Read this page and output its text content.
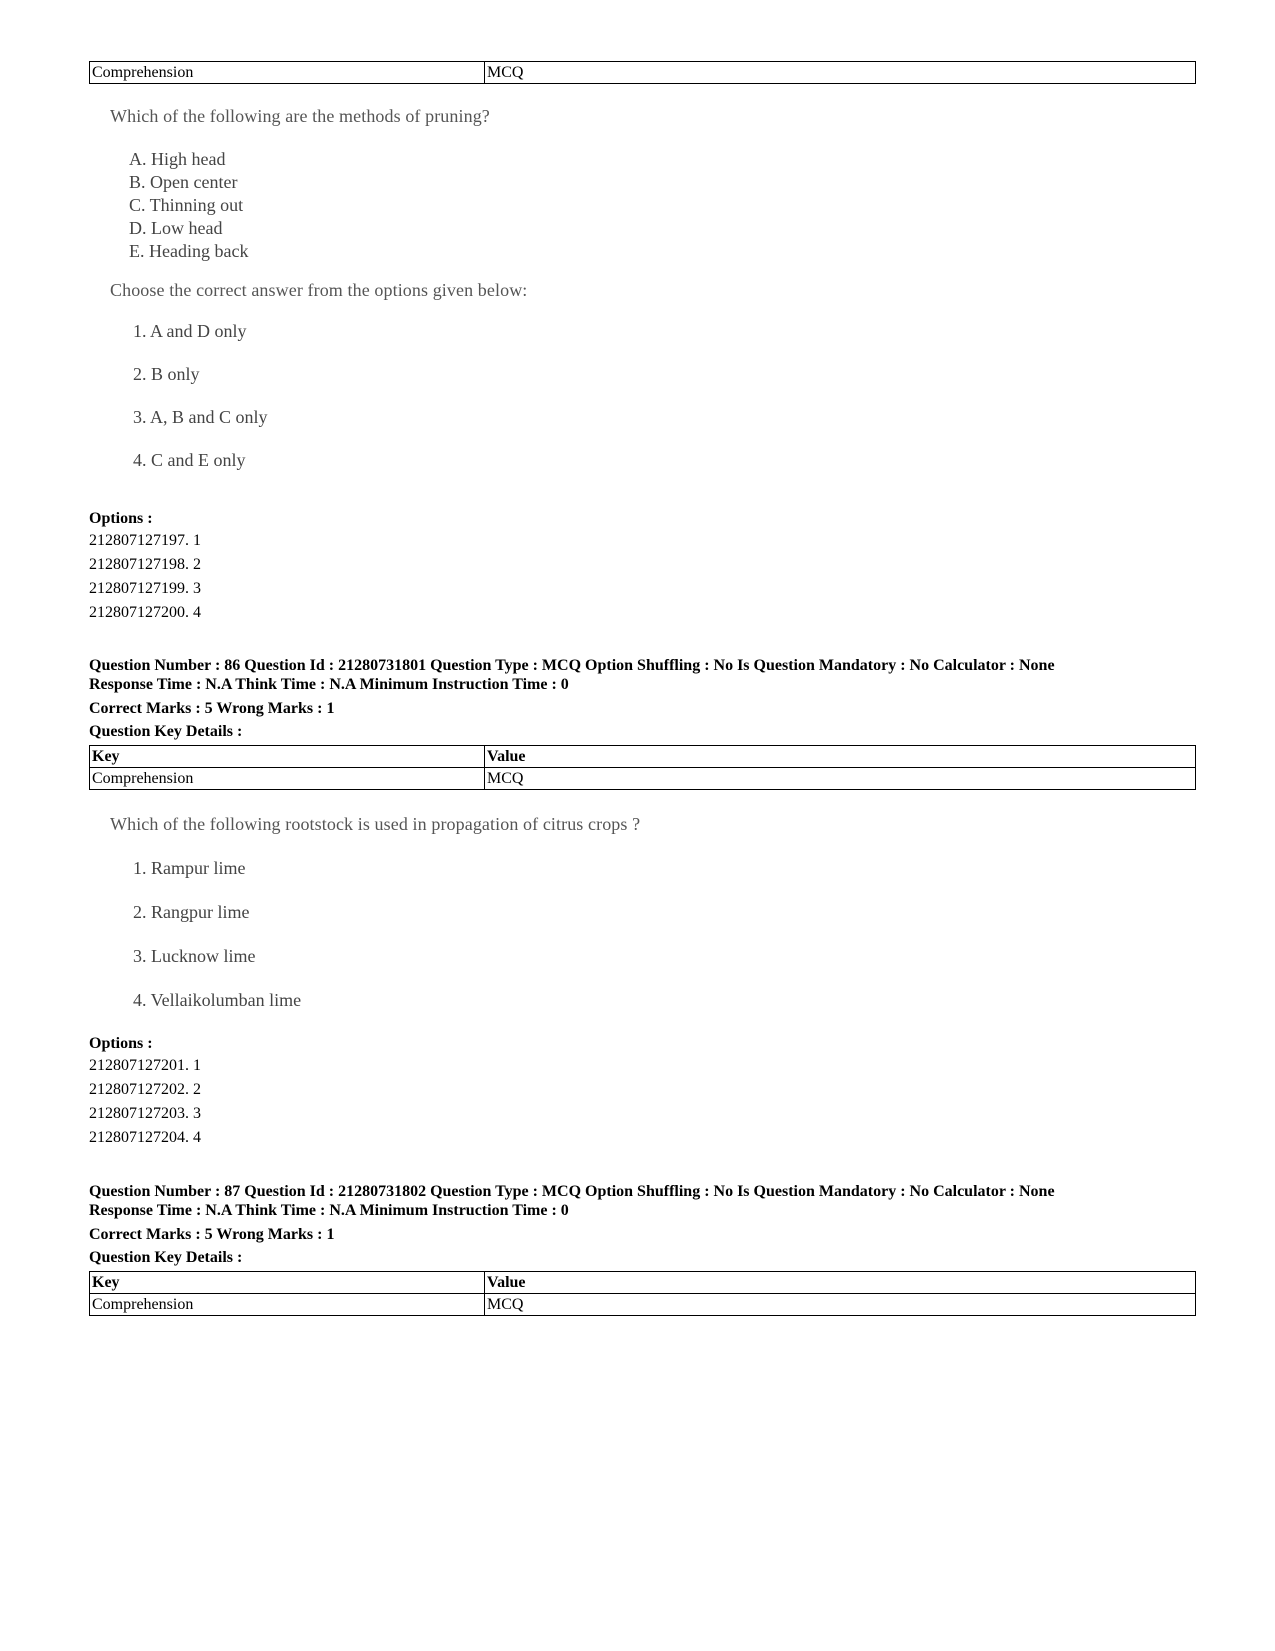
Comprehension	MCQ
Which of the following are the methods of pruning?
A. High head
B. Open center
C. Thinning out
D. Low head
E. Heading back
Choose the correct answer from the options given below:
1. A and D only
2. B only
3. A, B and C only
4. C and E only
Options :
212807127197. 1
212807127198. 2
212807127199. 3
212807127200. 4
Question Number : 86 Question Id : 21280731801 Question Type : MCQ Option Shuffling : No Is Question Mandatory : No Calculator : None
Response Time : N.A Think Time : N.A Minimum Instruction Time : 0
Correct Marks : 5 Wrong Marks : 1
Question Key Details :
Key	Value
Comprehension	MCQ
Which of the following rootstock is used in propagation of citrus crops ?
1. Rampur lime
2. Rangpur lime
3. Lucknow lime
4. Vellaikolumban lime
Options :
212807127201. 1
212807127202. 2
212807127203. 3
212807127204. 4
Question Number : 87 Question Id : 21280731802 Question Type : MCQ Option Shuffling : No Is Question Mandatory : No Calculator : None
Response Time : N.A Think Time : N.A Minimum Instruction Time : 0
Correct Marks : 5 Wrong Marks : 1
Question Key Details :
Key	Value
Comprehension	MCQ
